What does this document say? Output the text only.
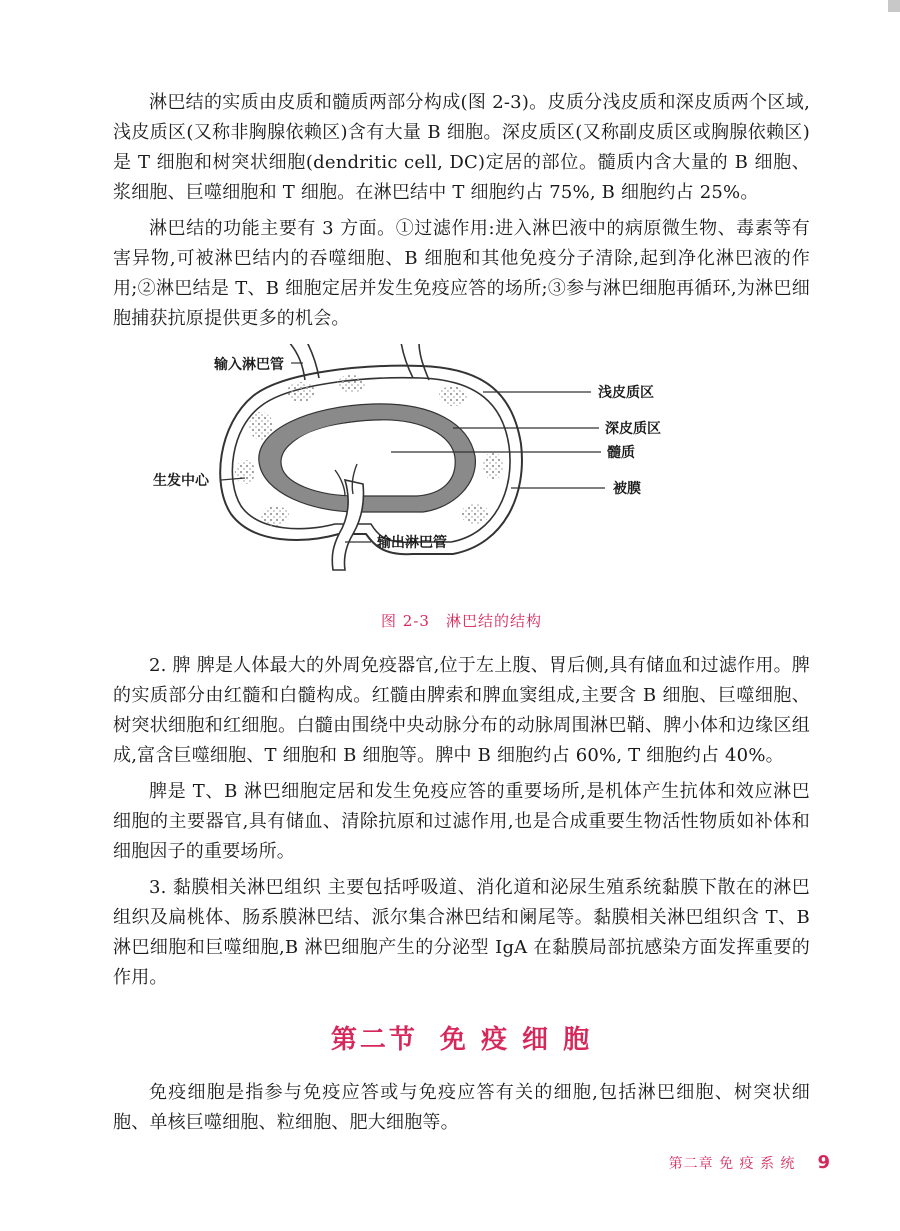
淋巴结的实质由皮质和髓质两部分构成(图 2-3)。皮质分浅皮质和深皮质两个区域,浅皮质区(又称非胸腺依赖区)含有大量 B 细胞。深皮质区(又称副皮质区或胸腺依赖区)是 T 细胞和树突状细胞(dendritic cell, DC)定居的部位。髓质内含大量的 B 细胞、浆细胞、巨噬细胞和 T 细胞。在淋巴结中 T 细胞约占 75%, B 细胞约占 25%。

淋巴结的功能主要有 3 方面。①过滤作用:进入淋巴液中的病原微生物、毒素等有害异物,可被淋巴结内的吞噬细胞、B 细胞和其他免疫分子清除,起到净化淋巴液的作用;②淋巴结是 T、B 细胞定居并发生免疫应答的场所;③参与淋巴细胞再循环,为淋巴细胞捕获抗原提供更多的机会。

输入淋巴管
浅皮质区
深皮质区
髓质
生发中心	被膜
输出淋巴管
图 2-3 淋巴结的结构

2. 脾 脾是人体最大的外周免疫器官,位于左上腹、胃后侧,具有储血和过滤作用。脾的实质部分由红髓和白髓构成。红髓由脾索和脾血窦组成,主要含 B 细胞、巨噬细胞、树突状细胞和红细胞。白髓由围绕中央动脉分布的动脉周围淋巴鞘、脾小体和边缘区组成,富含巨噬细胞、T 细胞和 B 细胞等。脾中 B 细胞约占 60%, T 细胞约占 40%。

脾是 T、B 淋巴细胞定居和发生免疫应答的重要场所,是机体产生抗体和效应淋巴细胞的主要器官,具有储血、清除抗原和过滤作用,也是合成重要生物活性物质如补体和细胞因子的重要场所。

3. 黏膜相关淋巴组织 主要包括呼吸道、消化道和泌尿生殖系统黏膜下散在的淋巴组织及扁桃体、肠系膜淋巴结、派尔集合淋巴结和阑尾等。黏膜相关淋巴组织含 T、B 淋巴细胞和巨噬细胞,B 淋巴细胞产生的分泌型 IgA 在黏膜局部抗感染方面发挥重要的作用。

第二节 免 疫 细 胞

免疫细胞是指参与免疫应答或与免疫应答有关的细胞,包括淋巴细胞、树突状细胞、单核巨噬细胞、粒细胞、肥大细胞等。

第二章 免 疫 系 统 9
